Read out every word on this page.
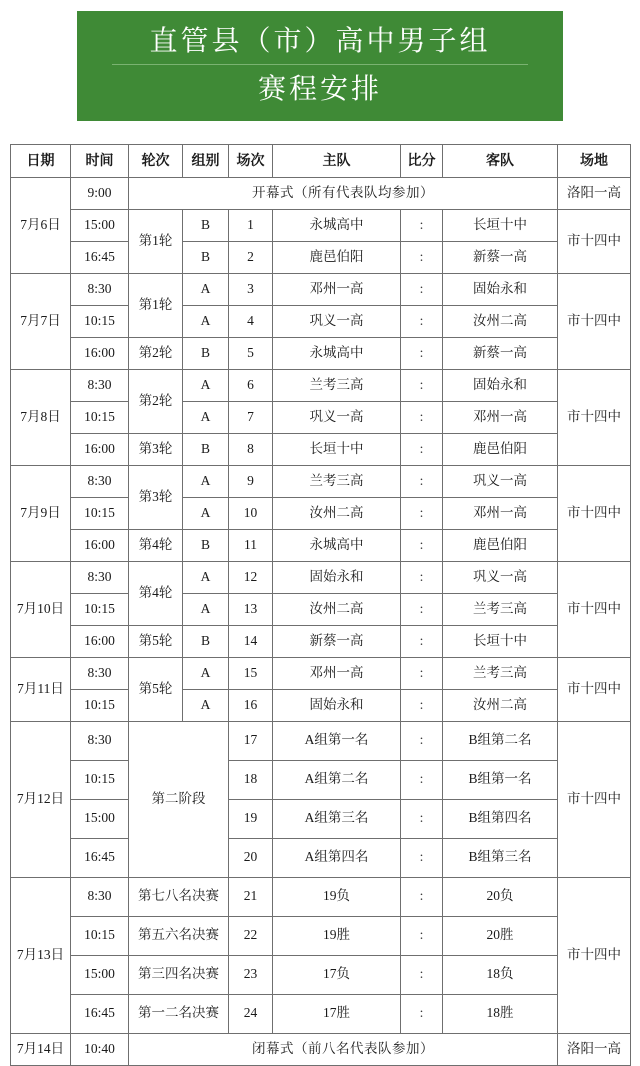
直管县（市）高中男子组
赛程安排
日期	时间	轮次	组别	场次	主队	比分	客队	场地
7月6日	9:00	开幕式（所有代表队均参加）						洛阳一高
	15:00	第1轮	B	1	永城高中	:	长垣十中	市十四中
	16:45		B	2	鹿邑伯阳	:	新蔡一高	
7月7日	8:30	第1轮	A	3	邓州一高	:	固始永和	市十四中
	10:15		A	4	巩义一高	:	汝州二高	
	16:00	第2轮	B	5	永城高中	:	新蔡一高	
7月8日	8:30	第2轮	A	6	兰考三高	:	固始永和	市十四中
	10:15		A	7	巩义一高	:	邓州一高	
	16:00	第3轮	B	8	长垣十中	:	鹿邑伯阳	
7月9日	8:30	第3轮	A	9	兰考三高	:	巩义一高	市十四中
	10:15		A	10	汝州二高	:	邓州一高	
	16:00	第4轮	B	11	永城高中	:	鹿邑伯阳	
7月10日	8:30	第4轮	A	12	固始永和	:	巩义一高	市十四中
	10:15		A	13	汝州二高	:	兰考三高	
	16:00	第5轮	B	14	新蔡一高	:	长垣十中	
7月11日	8:30	第5轮	A	15	邓州一高	:	兰考三高	市十四中
	10:15		A	16	固始永和	:	汝州二高	
7月12日	8:30	第二阶段		17	A组第一名	:	B组第二名	市十四中
	10:15			18	A组第二名	:	B组第一名	
	15:00			19	A组第三名	:	B组第四名	
	16:45			20	A组第四名	:	B组第三名	
7月13日	8:30	第七八名决赛		21	19负	:	20负	市十四中
	10:15	第五六名决赛		22	19胜	:	20胜	
	15:00	第三四名决赛		23	17负	:	18负	
	16:45	第一二名决赛		24	17胜	:	18胜	
7月14日	10:40	闭幕式（前八名代表队参加）						洛阳一高
